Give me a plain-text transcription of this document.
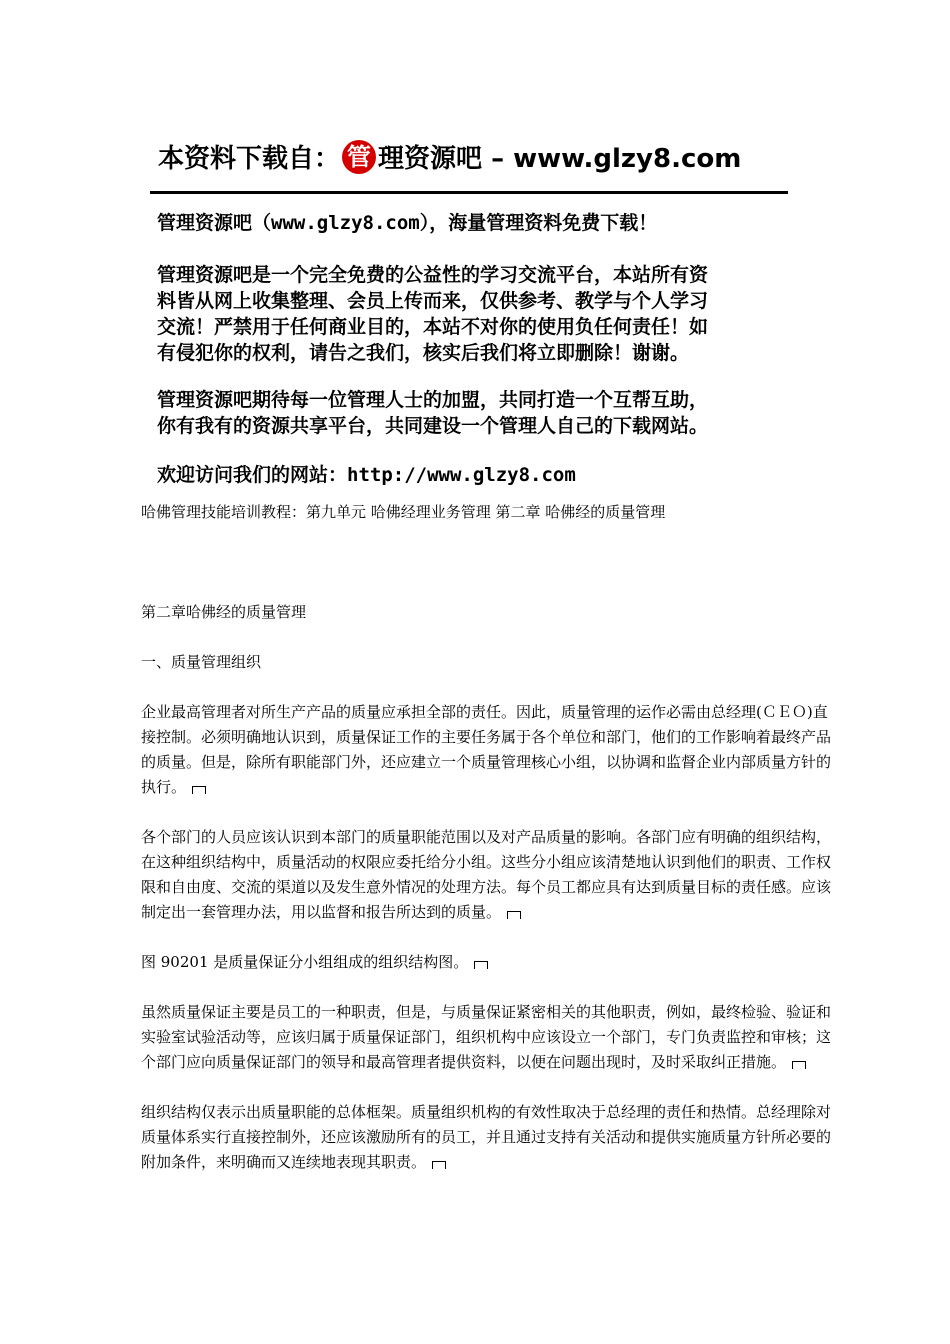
本资料下载自： 管 理资源吧 – www.glzy8.com
管理资源吧（www.glzy8.com），海量管理资料免费下载！
管理资源吧是一个完全免费的公益性的学习交流平台，本站所有资
料皆从网上收集整理、会员上传而来，仅供参考、教学与个人学习
交流！严禁用于任何商业目的，本站不对你的使用负任何责任！如
有侵犯你的权利，请告之我们，核实后我们将立即删除！谢谢。
管理资源吧期待每一位管理人士的加盟，共同打造一个互帮互助，
你有我有的资源共享平台，共同建设一个管理人自己的下载网站。
欢迎访问我们的网站：http://www.glzy8.com

哈佛管理技能培训教程：第九单元 哈佛经理业务管理 第二章 哈佛经的质量管理

第二章哈佛经的质量管理

一、质量管理组织

企业最高管理者对所生产产品的质量应承担全部的责任。因此，质量管理的运作必需由总经理(ＣＥＯ)直接控制。必须明确地认识到，质量保证工作的主要任务属于各个单位和部门，他们的工作影响着最终产品的质量。但是，除所有职能部门外，还应建立一个质量管理核心小组，以协调和监督企业内部质量方针的执行。

各个部门的人员应该认识到本部门的质量职能范围以及对产品质量的影响。各部门应有明确的组织结构，在这种组织结构中，质量活动的权限应委托给分小组。这些分小组应该清楚地认识到他们的职责、工作权限和自由度、交流的渠道以及发生意外情况的处理方法。每个员工都应具有达到质量目标的责任感。应该制定出一套管理办法，用以监督和报告所达到的质量。

图 90201 是质量保证分小组组成的组织结构图。

虽然质量保证主要是员工的一种职责，但是，与质量保证紧密相关的其他职责，例如，最终检验、验证和实验室试验活动等，应该归属于质量保证部门，组织机构中应该设立一个部门，专门负责监控和审核；这个部门应向质量保证部门的领导和最高管理者提供资料，以便在问题出现时，及时采取纠正措施。

组织结构仅表示出质量职能的总体框架。质量组织机构的有效性取决于总经理的责任和热情。总经理除对质量体系实行直接控制外，还应该激励所有的员工，并且通过支持有关活动和提供实施质量方针所必要的附加条件，来明确而又连续地表现其职责。
